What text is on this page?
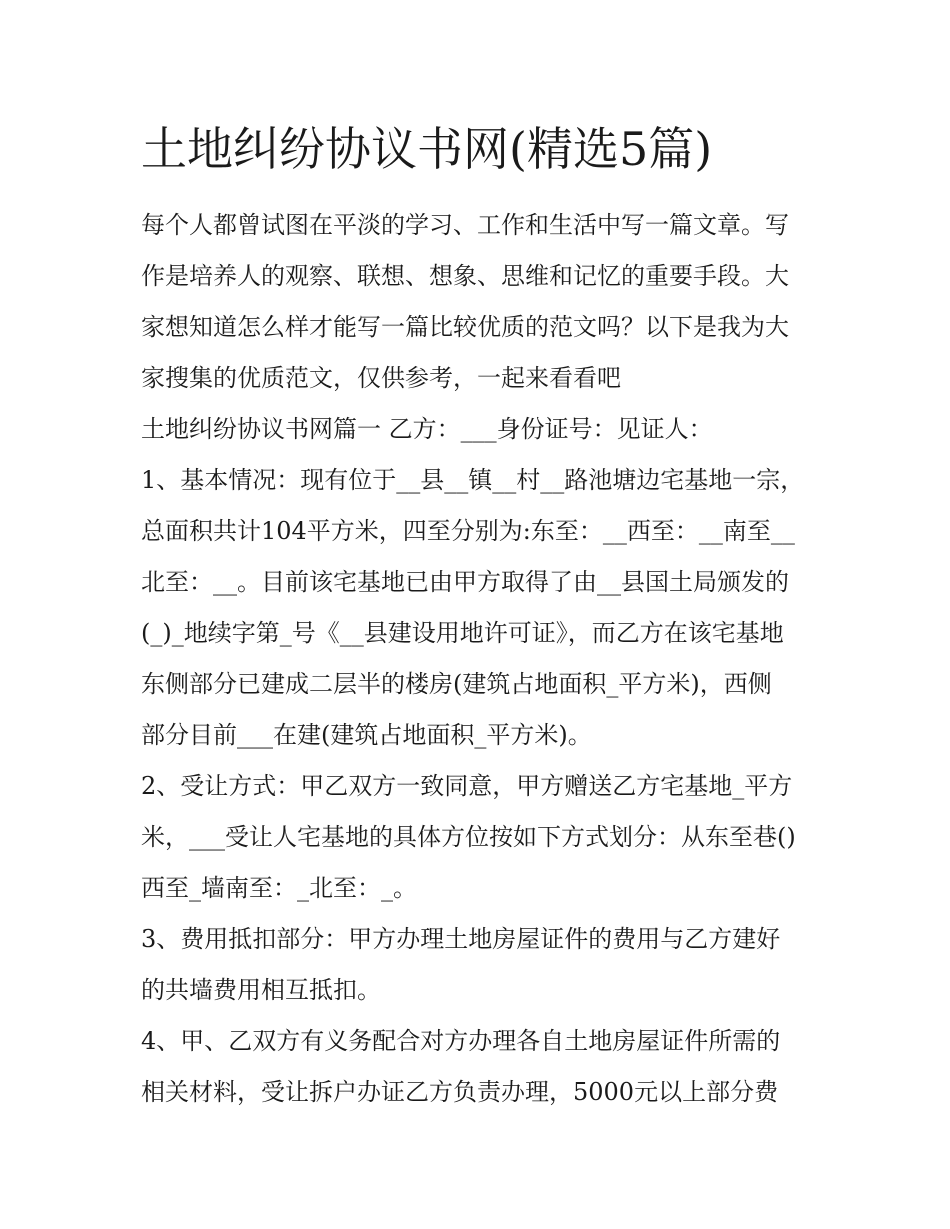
土地纠纷协议书网(精选5篇)
每个人都曾试图在平淡的学习、工作和生活中写一篇文章。写
作是培养人的观察、联想、想象、思维和记忆的重要手段。大
家想知道怎么样才能写一篇比较优质的范文吗？以下是我为大
家搜集的优质范文，仅供参考，一起来看看吧
土地纠纷协议书网篇一 乙方：___身份证号：见证人：
1、基本情况：现有位于__县__镇__村__路池塘边宅基地一宗，
总面积共计104平方米，四至分别为:东至：__西至：__南至__
北至：__。目前该宅基地已由甲方取得了由__县国土局颁发的
(_)_地续字第_号《__县建设用地许可证》，而乙方在该宅基地
东侧部分已建成二层半的楼房(建筑占地面积_平方米)，西侧
部分目前___在建(建筑占地面积_平方米)。
2、受让方式：甲乙双方一致同意，甲方赠送乙方宅基地_平方
米，___受让人宅基地的具体方位按如下方式划分：从东至巷()
西至_墙南至：_北至：_。
3、费用抵扣部分：甲方办理土地房屋证件的费用与乙方建好
的共墙费用相互抵扣。
4、甲、乙双方有义务配合对方办理各自土地房屋证件所需的
相关材料，受让拆户办证乙方负责办理，5000元以上部分费
